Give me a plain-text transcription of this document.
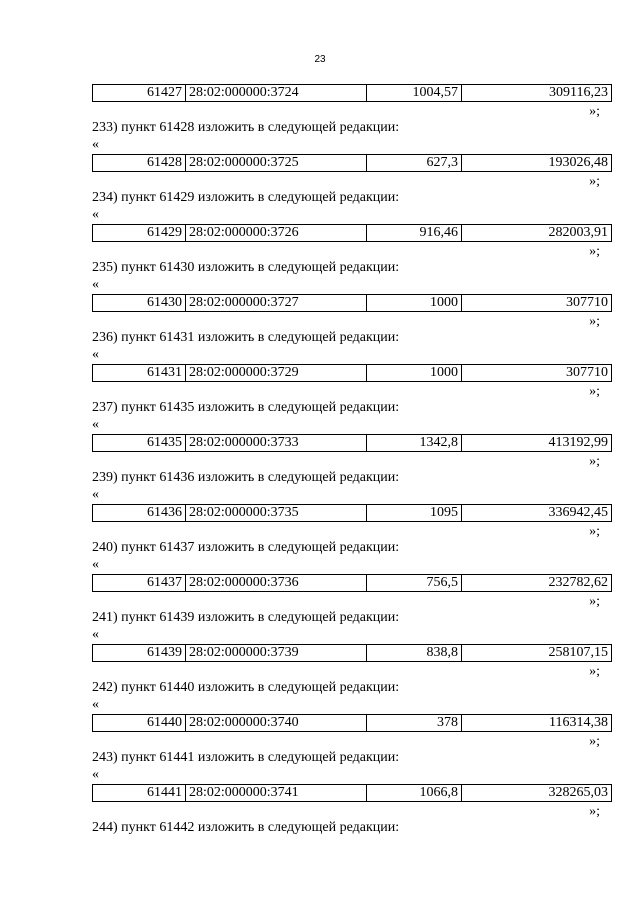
23
61427	28:02:000000:3724	1004,57	309116,23
»;
233) пункт 61428 изложить в следующей редакции:
«
61428	28:02:000000:3725	627,3	193026,48
»;
234) пункт 61429 изложить в следующей редакции:
«
61429	28:02:000000:3726	916,46	282003,91
»;
235) пункт 61430 изложить в следующей редакции:
«
61430	28:02:000000:3727	1000	307710
»;
236) пункт 61431 изложить в следующей редакции:
«
61431	28:02:000000:3729	1000	307710
»;
237) пункт 61435 изложить в следующей редакции:
«
61435	28:02:000000:3733	1342,8	413192,99
»;
239) пункт 61436 изложить в следующей редакции:
«
61436	28:02:000000:3735	1095	336942,45
»;
240) пункт 61437 изложить в следующей редакции:
«
61437	28:02:000000:3736	756,5	232782,62
»;
241) пункт 61439 изложить в следующей редакции:
«
61439	28:02:000000:3739	838,8	258107,15
»;
242) пункт 61440 изложить в следующей редакции:
«
61440	28:02:000000:3740	378	116314,38
»;
243) пункт 61441 изложить в следующей редакции:
«
61441	28:02:000000:3741	1066,8	328265,03
»;
244) пункт 61442 изложить в следующей редакции:
